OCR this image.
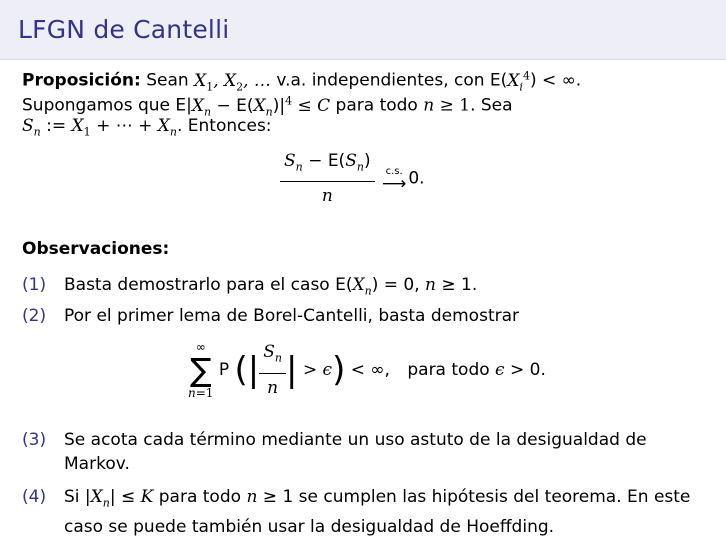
LFGN de Cantelli
Proposición: Sean $X_1$, $X_2$, … v.a. independientes, con $E(X_i^4)$ < ∞.
Supongamos que $E|X_n - E(X_n)|^4 \le C$ para todo n ≥ 1. Sea
$S_n$ := $X_1$ + ⋯ + $X_n$. Entonces:
$\frac{S_n - E(S_n)}{n}$
	c.s.
⟶ 0.
Observaciones:
(1) Basta demostrarlo para el caso $E(X_n) = 0$, n ≥ 1.
(2) Por el primer lema de Borel-Cantelli, basta demostrar
∞
∑
n=1
P (| $\frac{S_n}{n}$ | > ϵ) < ∞, para todo ϵ > 0.
(3) Se acota cada término mediante un uso astuto de la desigualdad de Markov.
(4) Si $|X_n| \le K$ para todo n ≥ 1 se cumplen las hipótesis del teorema. En este caso se puede también usar la desigualdad de Hoeffding.
